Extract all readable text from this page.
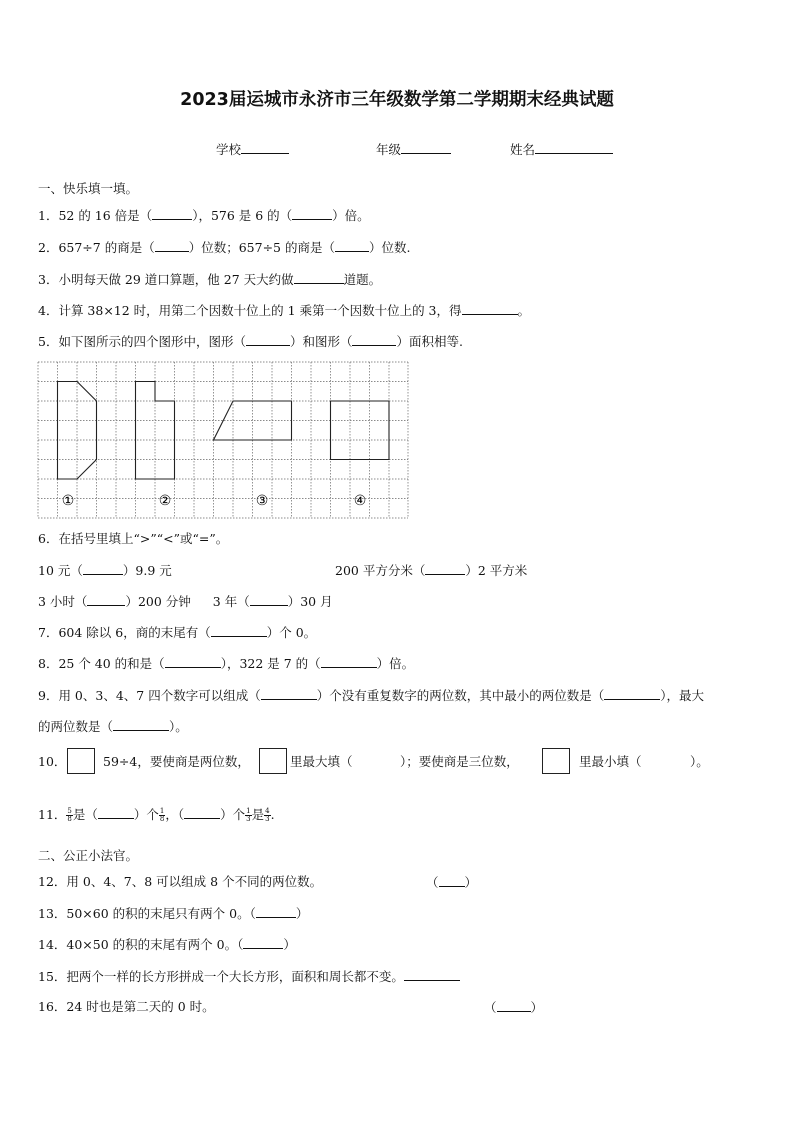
2023届运城市永济市三年级数学第二学期期末经典试题
学校	年级	姓名
一、快乐填一填。
1．52 的 16 倍是（	），576 是 6 的（	）倍。
2．657÷7 的商是（	）位数；657÷5 的商是（	）位数.
3．小明每天做 29 道口算题，他 27 天大约做	道题。
4．计算 38×12 时，用第二个因数十位上的 1 乘第一个因数十位上的 3，得	。
5．如下图所示的四个图形中，图形（	）和图形（	）面积相等.
①	②	③	④
6．在括号里填上“>”“<”或“=”。
10 元（	）9.9 元	200 平方分米（	）2 平方米
3 小时（	）200 分钟 3 年（	）30 月
7．604 除以 6，商的末尾有（	）个 0。
8．25 个 40 的和是（	），322 是 7 的（	）倍。
9．用 0、3、4、7 四个数字可以组成（	）个没有重复数字的两位数，其中最小的两位数是（	），最大
的两位数是（	）。
10．	59÷4，要使商是两位数，	里最大填（	）；要使商是三位数，	里最小填（	）。
11． $\frac{5}{8}$ 是（	）个 $\frac{1}{8}$ ，（	）个 $\frac{1}{3}$ 是 $\frac{4}{3}$ .
二、公正小法官。
12．用 0、4、7、8 可以组成 8 个不同的两位数。	（ ）
13．50×60 的积的末尾只有两个 0。（	）
14．40×50 的积的末尾有两个 0。（	）
15．把两个一样的长方形拼成一个大长方形，面积和周长都不变。
16．24 时也是第二天的 0 时。	（	）
